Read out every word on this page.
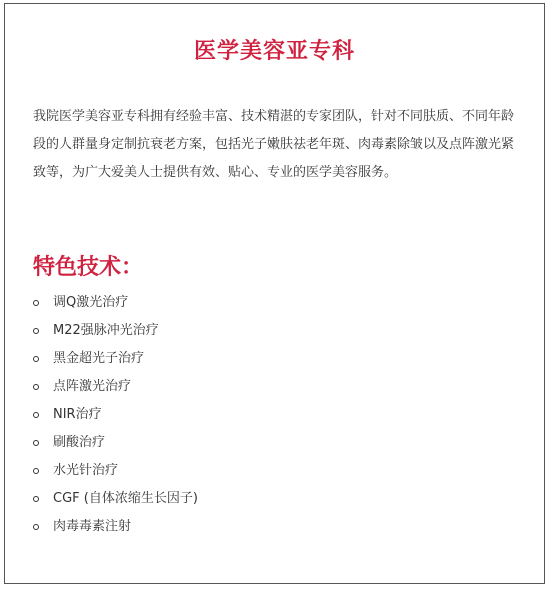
医学美容亚专科

我院医学美容亚专科拥有经验丰富、技术精湛的专家团队，针对不同肤质、不同年龄段的人群量身定制抗衰老方案，包括光子嫩肤祛老年斑、肉毒素除皱以及点阵激光紧致等，为广大爱美人士提供有效、贴心、专业的医学美容服务。

特色技术：
调Q激光治疗
M22强脉冲光治疗
黑金超光子治疗
点阵激光治疗
NIR治疗
刷酸治疗
水光针治疗
CGF (自体浓缩生长因子)
肉毒毒素注射
